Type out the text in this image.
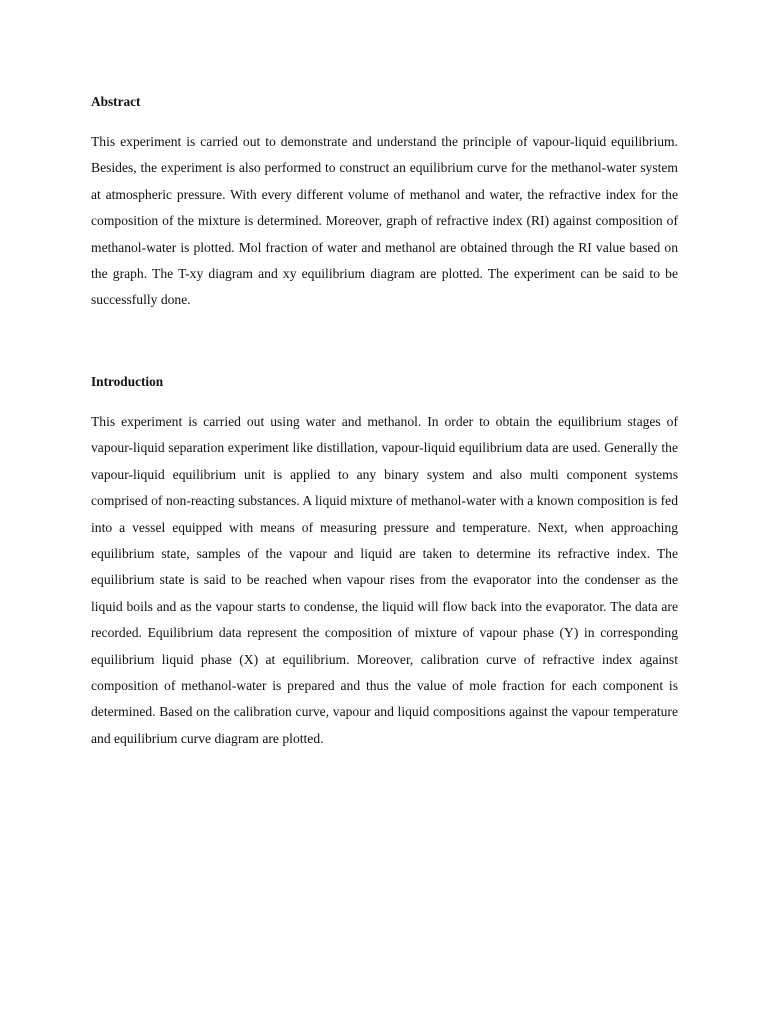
Abstract

This experiment is carried out to demonstrate and understand the principle of vapour-liquid equilibrium. Besides, the experiment is also performed to construct an equilibrium curve for the methanol-water system at atmospheric pressure. With every different volume of methanol and water, the refractive index for the composition of the mixture is determined. Moreover, graph of refractive index (RI) against composition of methanol-water is plotted. Mol fraction of water and methanol are obtained through the RI value based on the graph. The T-xy diagram and xy equilibrium diagram are plotted. The experiment can be said to be successfully done.

Introduction

This experiment is carried out using water and methanol. In order to obtain the equilibrium stages of vapour-liquid separation experiment like distillation, vapour-liquid equilibrium data are used. Generally the vapour-liquid equilibrium unit is applied to any binary system and also multi component systems comprised of non-reacting substances. A liquid mixture of methanol-water with a known composition is fed into a vessel equipped with means of measuring pressure and temperature. Next, when approaching equilibrium state, samples of the vapour and liquid are taken to determine its refractive index. The equilibrium state is said to be reached when vapour rises from the evaporator into the condenser as the liquid boils and as the vapour starts to condense, the liquid will flow back into the evaporator. The data are recorded. Equilibrium data represent the composition of mixture of vapour phase (Y) in corresponding equilibrium liquid phase (X) at equilibrium. Moreover, calibration curve of refractive index against composition of methanol-water is prepared and thus the value of mole fraction for each component is determined. Based on the calibration curve, vapour and liquid compositions against the vapour temperature and equilibrium curve diagram are plotted.
